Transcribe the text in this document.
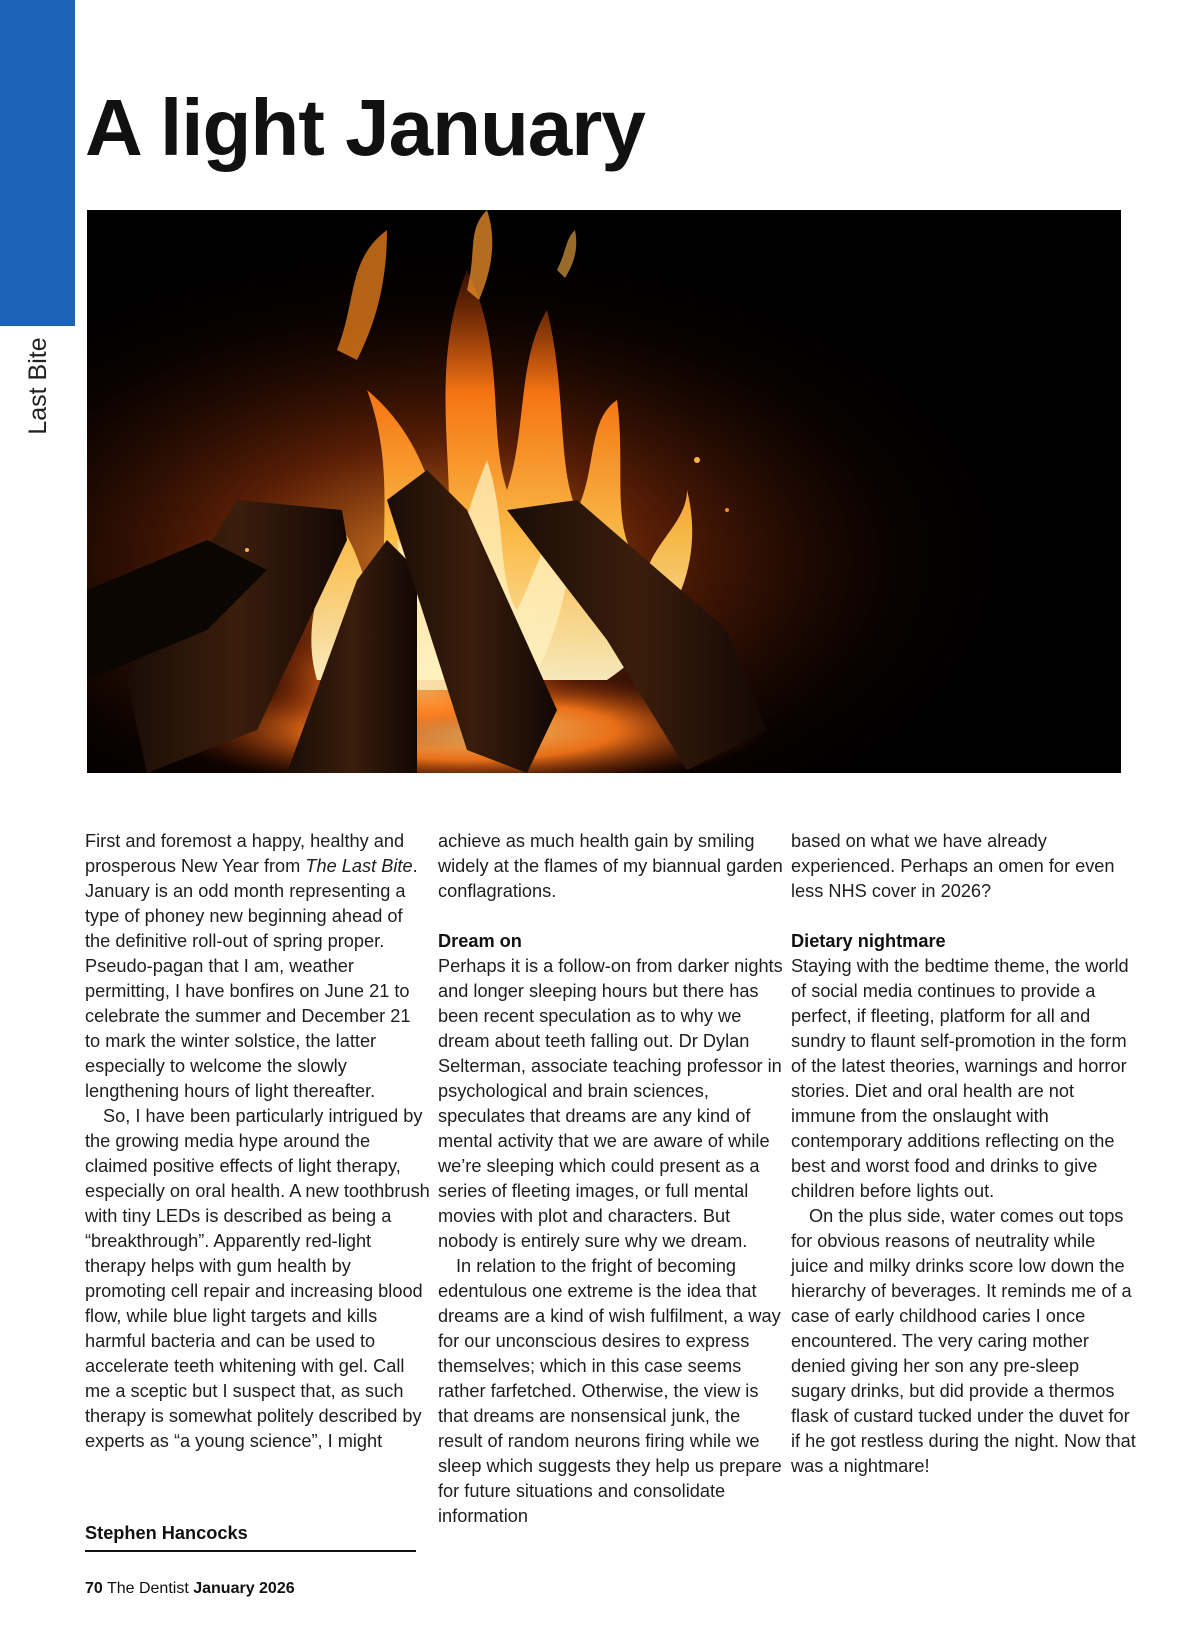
Last Bite
A light January

First and foremost a happy, healthy and prosperous New Year from The Last Bite. January is an odd month representing a type of phoney new beginning ahead of the definitive roll-out of spring proper. Pseudo-pagan that I am, weather permitting, I have bonfires on June 21 to celebrate the summer and December 21 to mark the winter solstice, the latter especially to welcome the slowly lengthening hours of light thereafter.

So, I have been particularly intrigued by the growing media hype around the claimed positive effects of light therapy, especially on oral health. A new toothbrush with tiny LEDs is described as being a “breakthrough”. Apparently red-light therapy helps with gum health by promoting cell repair and increasing blood flow, while blue light targets and kills harmful bacteria and can be used to accelerate teeth whitening with gel. Call me a sceptic but I suspect that, as such therapy is somewhat politely described by experts as “a young science”, I might

achieve as much health gain by smiling widely at the flames of my biannual garden conflagrations.

Dream on

Perhaps it is a follow-on from darker nights and longer sleeping hours but there has been recent speculation as to why we dream about teeth falling out. Dr Dylan Selterman, associate teaching professor in psychological and brain sciences, speculates that dreams are any kind of mental activity that we are aware of while we’re sleeping which could present as a series of fleeting images, or full mental movies with plot and characters. But nobody is entirely sure why we dream.

In relation to the fright of becoming edentulous one extreme is the idea that dreams are a kind of wish fulfilment, a way for our unconscious desires to express themselves; which in this case seems rather farfetched. Otherwise, the view is that dreams are nonsensical junk, the result of random neurons firing while we sleep which suggests they help us prepare for future situations and consolidate information

based on what we have already experienced. Perhaps an omen for even less NHS cover in 2026?

Dietary nightmare

Staying with the bedtime theme, the world of social media continues to provide a perfect, if fleeting, platform for all and sundry to flaunt self-promotion in the form of the latest theories, warnings and horror stories. Diet and oral health are not immune from the onslaught with contemporary additions reflecting on the best and worst food and drinks to give children before lights out.

On the plus side, water comes out tops for obvious reasons of neutrality while juice and milky drinks score low down the hierarchy of beverages. It reminds me of a case of early childhood caries I once encountered. The very caring mother denied giving her son any pre-sleep sugary drinks, but did provide a thermos flask of custard tucked under the duvet for if he got restless during the night. Now that was a nightmare!

Stephen Hancocks
70 The Dentist January 2026
